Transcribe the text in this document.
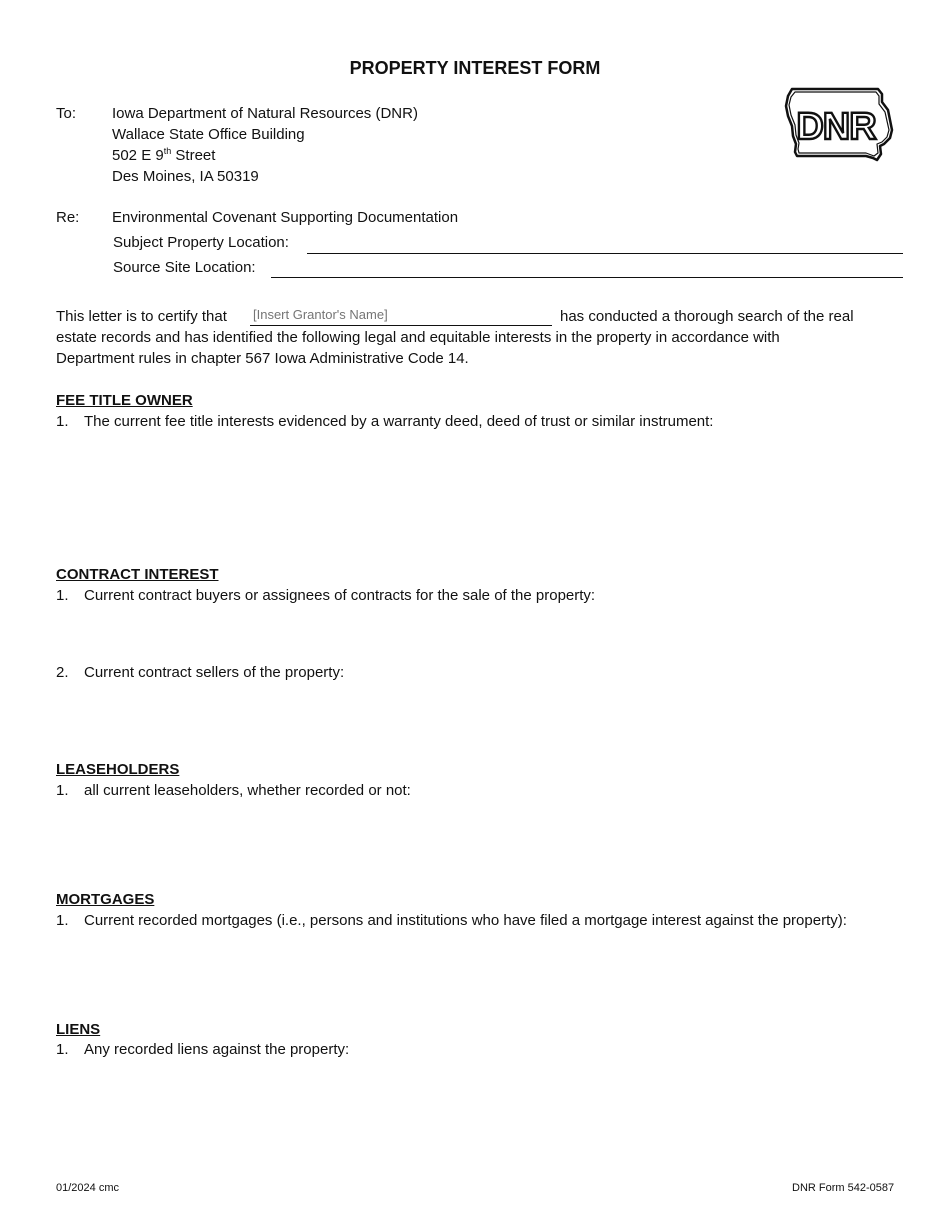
PROPERTY INTEREST FORM
DNR
To: Iowa Department of Natural Resources (DNR)
Wallace State Office Building
502 E 9th Street
Des Moines, IA 50319
Re: Environmental Covenant Supporting Documentation
Subject Property Location:
Source Site Location:
This letter is to certify that
[Insert Grantor's Name]	has conducted a thorough search of the real
estate records and has identified the following legal and equitable interests in the property in accordance with
Department rules in chapter 567 Iowa Administrative Code 14.
FEE TITLE OWNER
1. The current fee title interests evidenced by a warranty deed, deed of trust or similar instrument:
CONTRACT INTEREST
1. Current contract buyers or assignees of contracts for the sale of the property:
2. Current contract sellers of the property:
LEASEHOLDERS
1. all current leaseholders, whether recorded or not:
MORTGAGES
1. Current recorded mortgages (i.e., persons and institutions who have filed a mortgage interest against the property):
LIENS
1. Any recorded liens against the property:
01/2024 cmc	DNR Form 542-0587
